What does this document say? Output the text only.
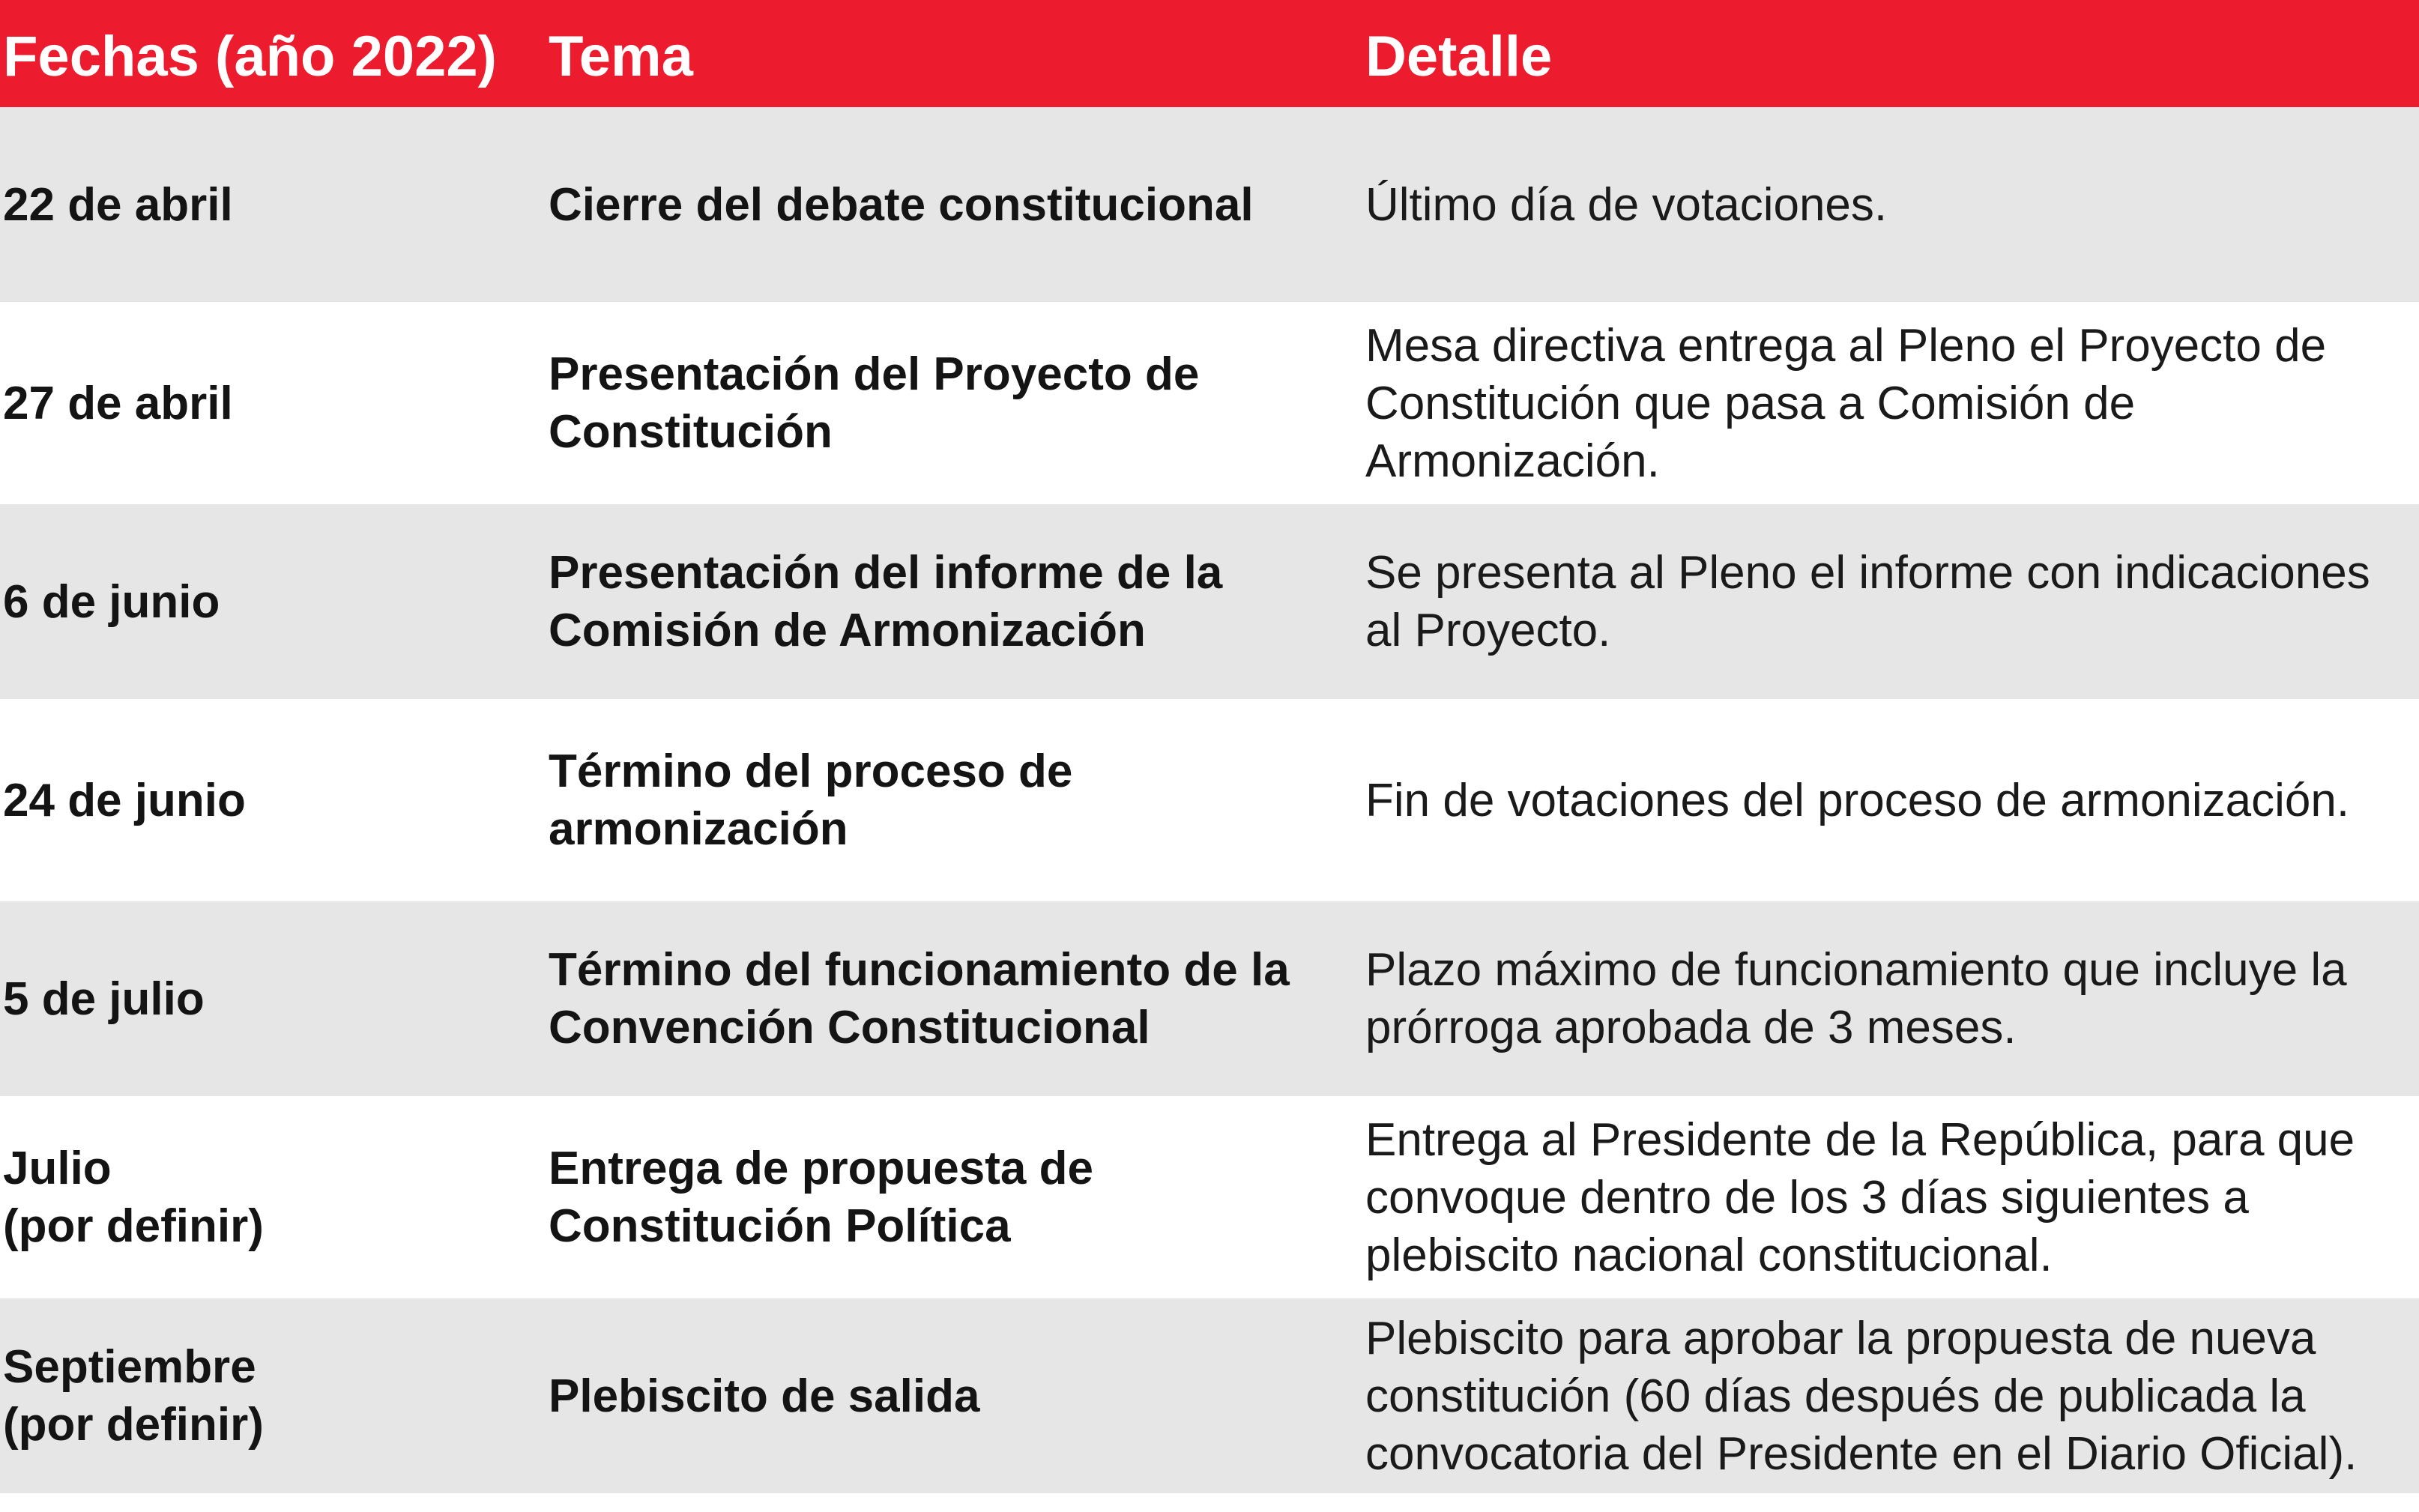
Fechas (año 2022) Tema	Detalle
22 de abril	Cierre del debate constitucional Último día de votaciones.
27 de abril
Presentación del Proyecto de
Constitución
Mesa directiva entrega al Pleno el Proyecto de
Constitución que pasa a Comisión de
Armonización.
6 de junio
Presentación del informe de la
Comisión de Armonización
Se presenta al Pleno el informe con indicaciones
al Proyecto.
24 de junio
Término del proceso de
armonización
Fin de votaciones del proceso de armonización.
5 de julio
Término del funcionamiento de la
Convención Constitucional
Plazo máximo de funcionamiento que incluye la
prórroga aprobada de 3 meses.
Julio
(por definir)
Entrega de propuesta de
Constitución Política
Entrega al Presidente de la República, para que
convoque dentro de los 3 días siguientes a
plebiscito nacional constitucional.
Septiembre
(por definir)
Plebiscito de salida
Plebiscito para aprobar la propuesta de nueva
constitución (60 días después de publicada la
convocatoria del Presidente en el Diario Oficial).
